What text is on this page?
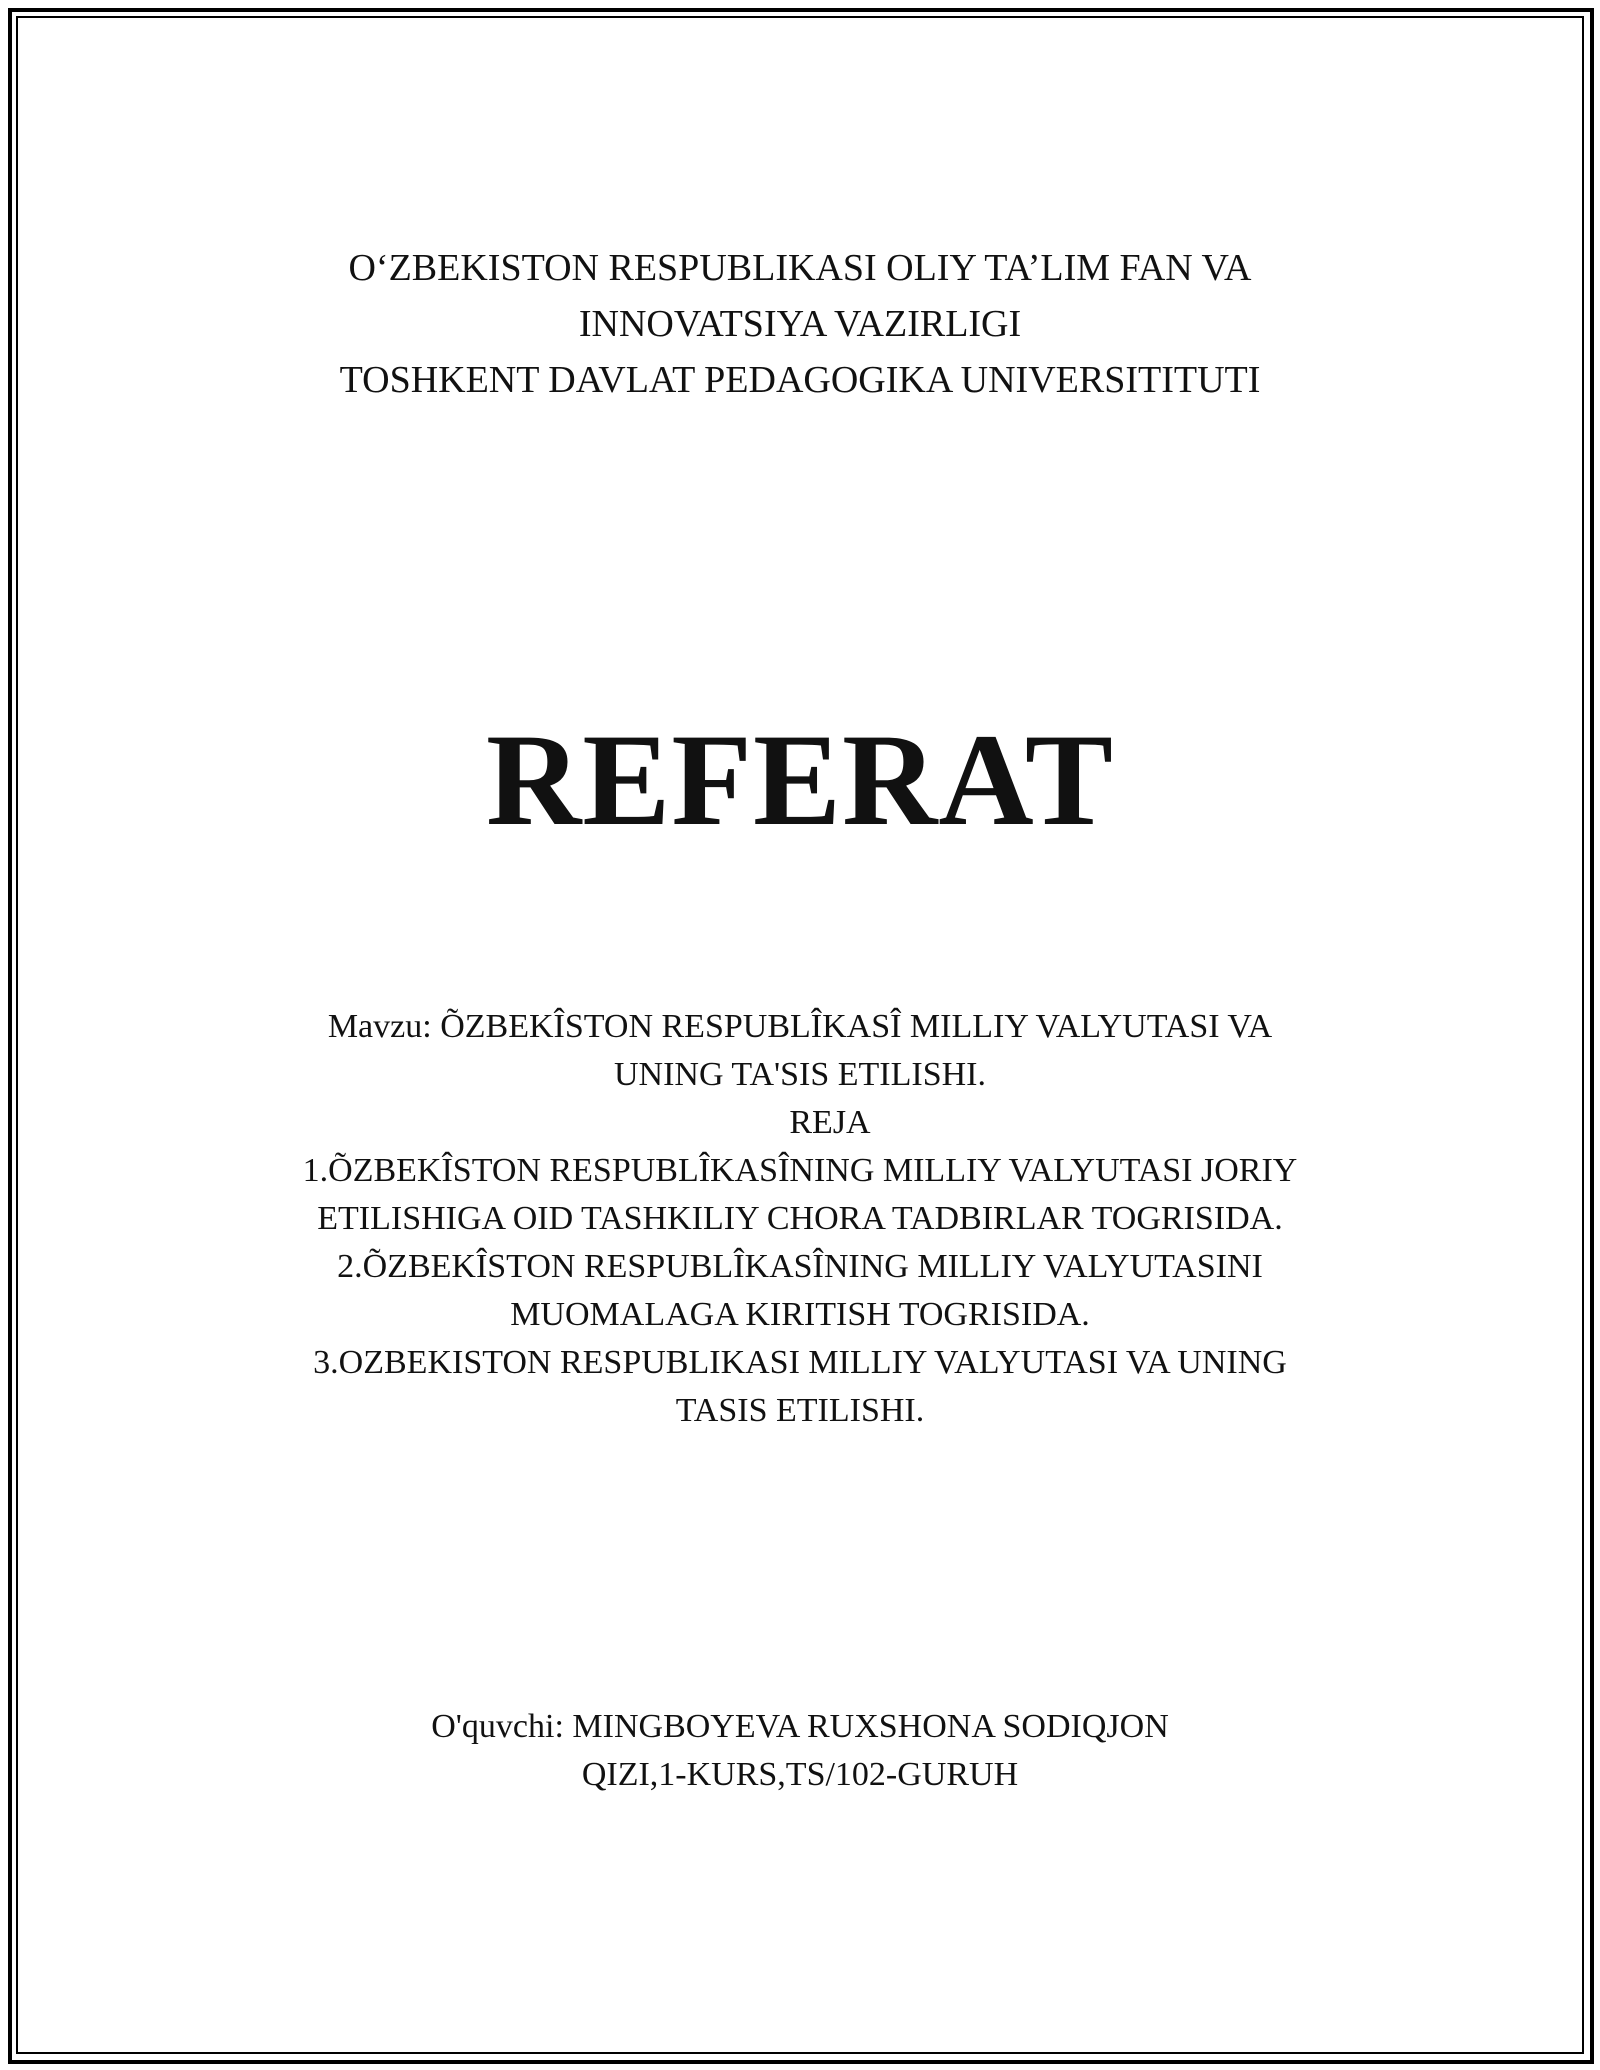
O‘ZBEKISTON RESPUBLIKASI OLIY TA’LIM FAN VA
INNOVATSIYA VAZIRLIGI
TOSHKENT DAVLAT PEDAGOGIKA UNIVERSITITUTI
REFERAT
Mavzu: ÕZBEKÎSTON RESPUBLÎKASÎ MILLIY VALYUTASI VA
UNING TA'SIS ETILISHI.
REJA
1.ÕZBEKÎSTON RESPUBLÎKASÎNING MILLIY VALYUTASI JORIY
ETILISHIGA OID TASHKILIY CHORA TADBIRLAR TOGRISIDA.
2.ÕZBEKÎSTON RESPUBLÎKASÎNING MILLIY VALYUTASINI
MUOMALAGA KIRITISH TOGRISIDA.
3.OZBEKISTON RESPUBLIKASI MILLIY VALYUTASI VA UNING
TASIS ETILISHI.
O'quvchi: MINGBOYEVA RUXSHONA SODIQJON
QIZI,1-KURS,TS/102-GURUH
